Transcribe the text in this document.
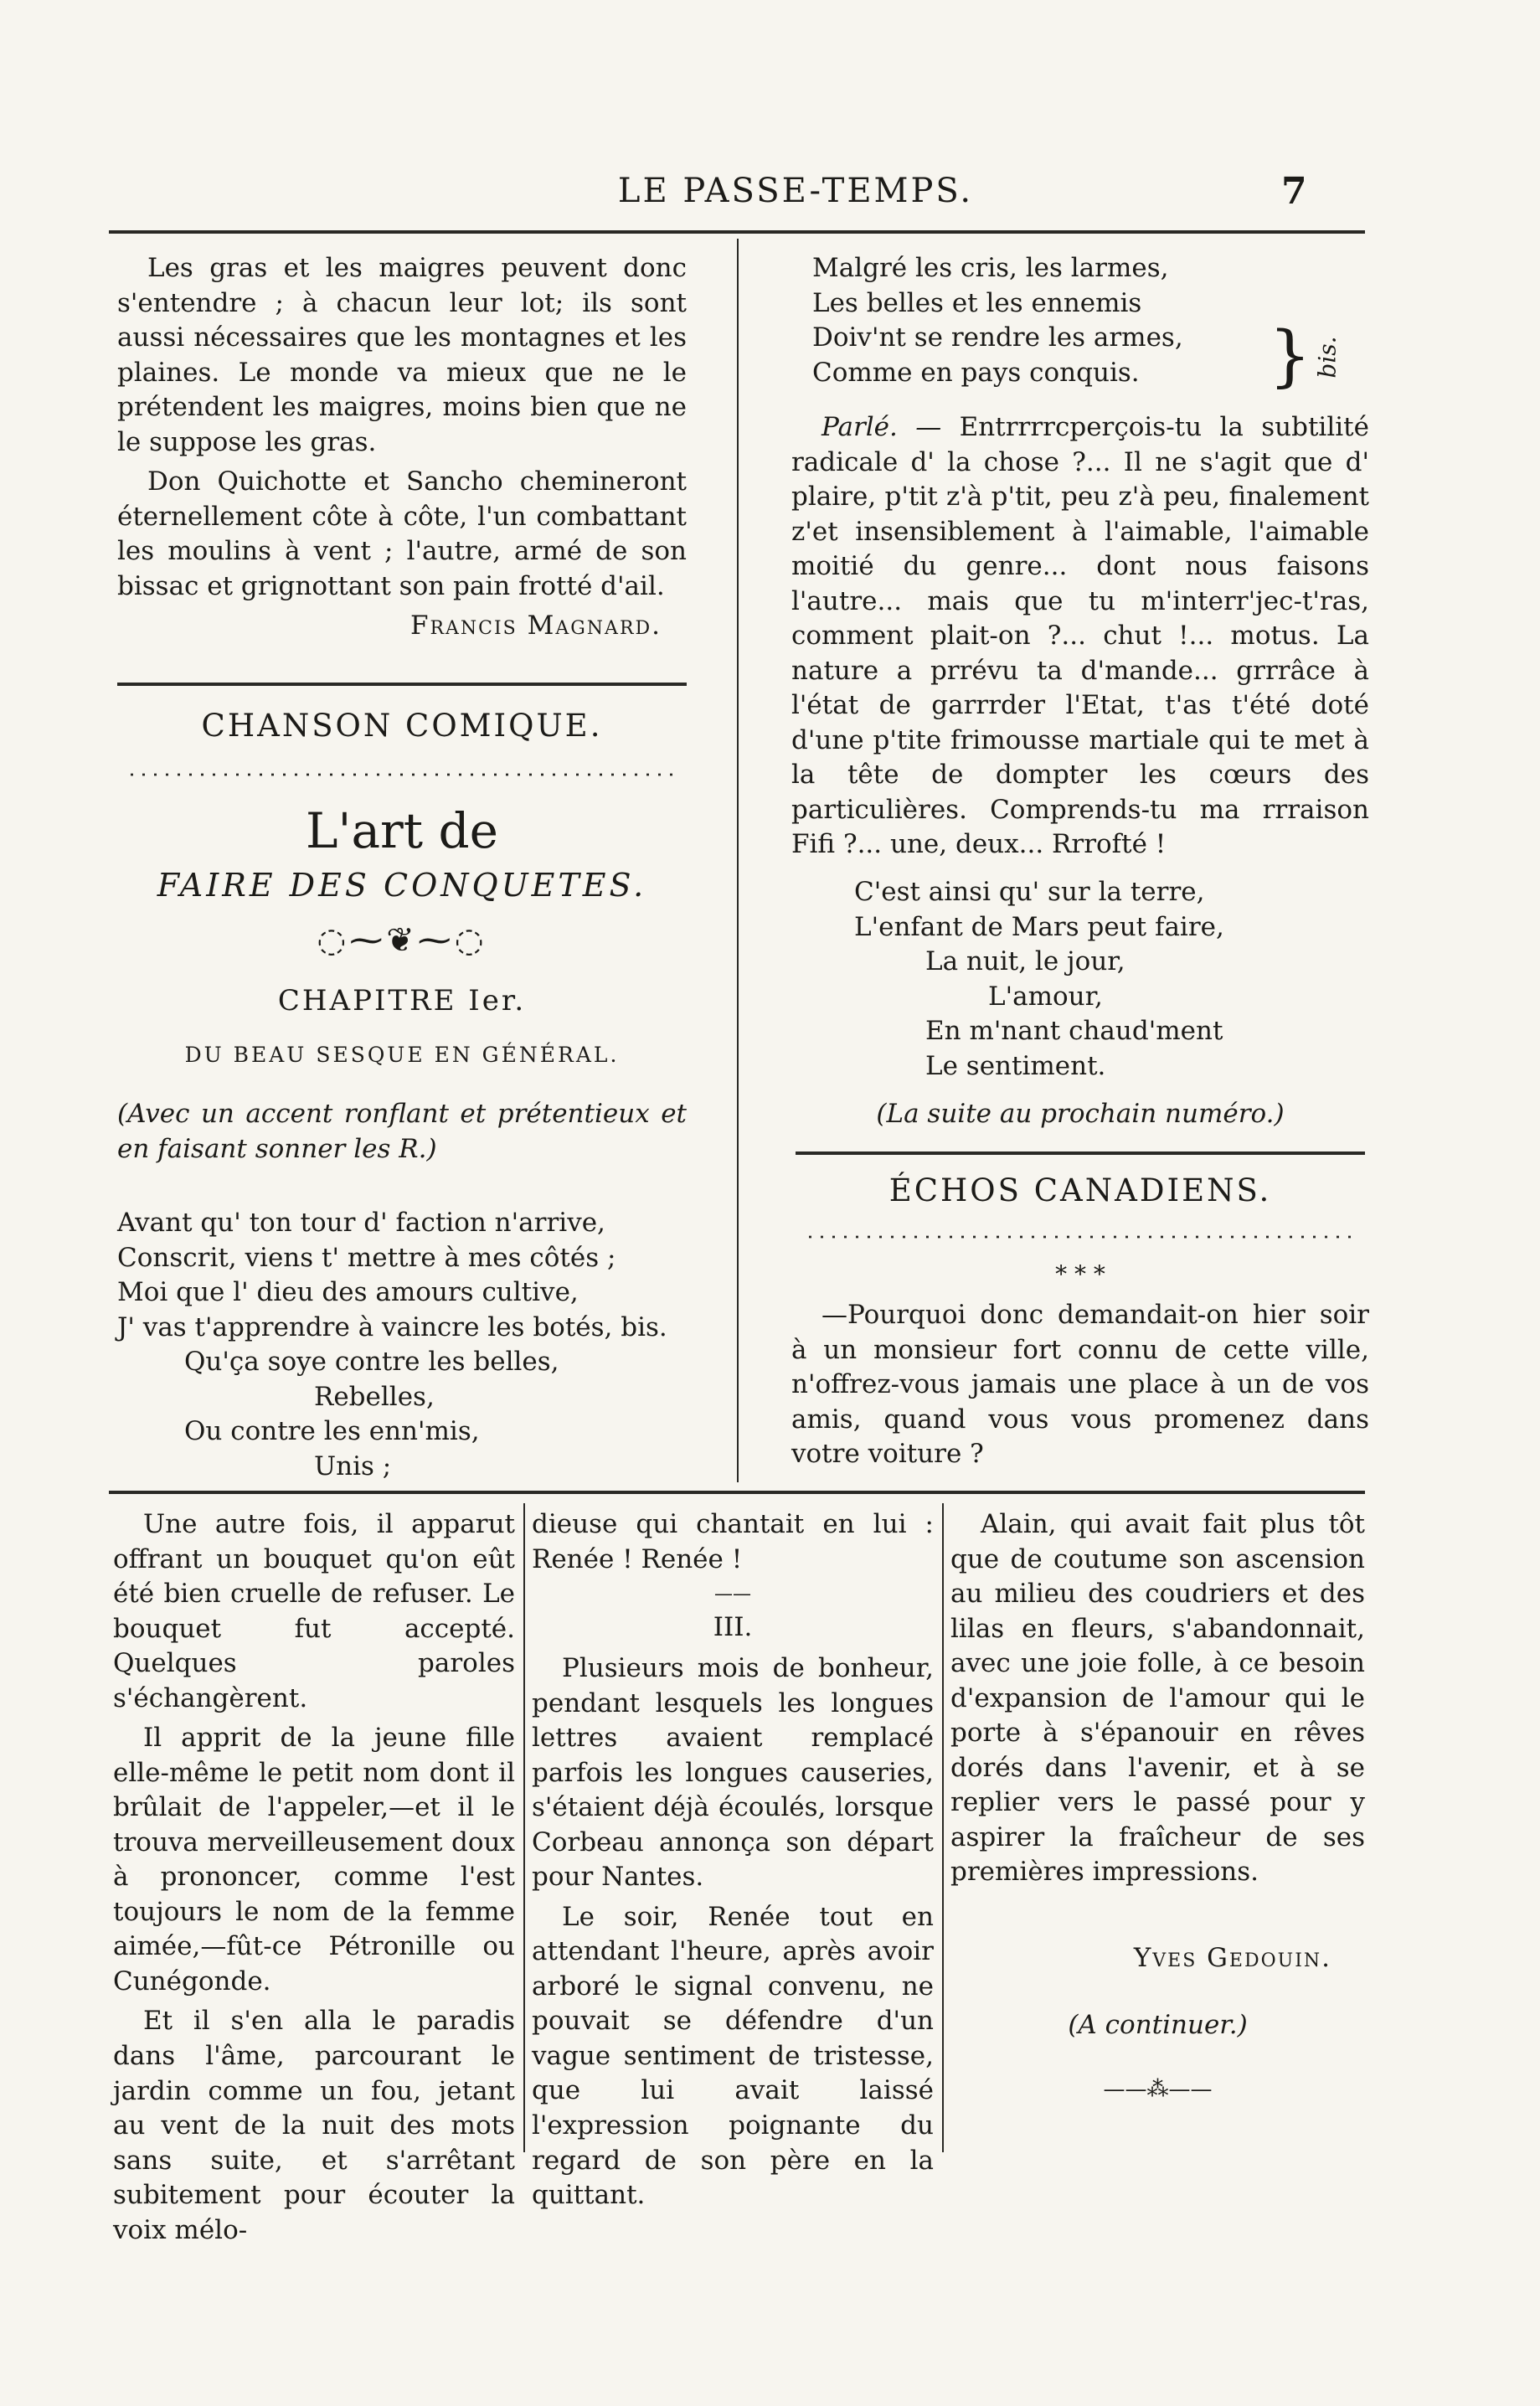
LE PASSE-TEMPS.	7

Les gras et les maigres peuvent donc s'entendre ; à chacun leur lot; ils sont aussi nécessaires que les montagnes et les plaines. Le monde va mieux que ne le prétendent les maigres, moins bien que ne le suppose les gras.

Don Quichotte et Sancho chemineront éternellement côte à côte, l'un combattant les moulins à vent ; l'autre, armé de son bissac et grignottant son pain frotté d'ail.

Francis Magnard.
CHANSON COMIQUE.
L'art de
FAIRE DES CONQUETES.
◌⁓❦⁓◌
CHAPITRE Ier.
DU BEAU SESQUE EN GÉNÉRAL.

(Avec un accent ronflant et prétentieux et en faisant sonner les R.)

Avant qu' ton tour d' faction n'arrive,
Conscrit, viens t' mettre à mes côtés ;
Moi que l' dieu des amours cultive,
J' vas t'apprendre à vaincre les botés, bis.
Qu'ça soye contre les belles,
Rebelles,
Ou contre les enn'mis,
Unis ;
Malgré les cris, les larmes,
Les belles et les ennemis
Doiv'nt se rendre les armes,
Comme en pays conquis.	} bis.

Parlé. — Entrrrrcperçois-tu la subtilité radicale d' la chose ?... Il ne s'agit que d' plaire, p'tit z'à p'tit, peu z'à peu, finalement z'et insensiblement à l'aimable, l'aimable moitié du genre... dont nous faisons l'autre... mais que tu m'interr'jec-t'ras, comment plait-on ?... chut !... motus. La nature a prrévu ta d'mande... grrrâce à l'état de garrrder l'Etat, t'as t'été doté d'une p'tite frimousse martiale qui te met à la tête de dompter les cœurs des particulières. Comprends-tu ma rrraison Fifi ?... une, deux... Rrrofté !

C'est ainsi qu' sur la terre,
L'enfant de Mars peut faire,
La nuit, le jour,
L'amour,
En m'nant chaud'ment
Le sentiment.
(La suite au prochain numéro.)
ÉCHOS CANADIENS.
* * *

—Pourquoi donc demandait-on hier soir à un monsieur fort connu de cette ville, n'offrez-vous jamais une place à un de vos amis, quand vous vous promenez dans votre voiture ?

Une autre fois, il apparut offrant un bouquet qu'on eût été bien cruelle de refuser. Le bouquet fut accepté. Quelques paroles s'échangèrent.

Il apprit de la jeune fille elle-même le petit nom dont il brûlait de l'appeler,—et il le trouva merveilleusement doux à prononcer, comme l'est toujours le nom de la femme aimée,—fût-ce Pétronille ou Cunégonde.

Et il s'en alla le paradis dans l'âme, parcourant le jardin comme un fou, jetant au vent de la nuit des mots sans suite, et s'arrêtant subitement pour écouter la voix mélo-

dieuse qui chantait en lui : Renée ! Renée !

——
III.

Plusieurs mois de bonheur, pendant lesquels les longues lettres avaient remplacé parfois les longues causeries, s'étaient déjà écoulés, lorsque Corbeau annonça son départ pour Nantes.

Le soir, Renée tout en attendant l'heure, après avoir arboré le signal convenu, ne pouvait se défendre d'un vague sentiment de tristesse, que lui avait laissé l'expression poignante du regard de son père en la quittant.

Alain, qui avait fait plus tôt que de coutume son ascension au milieu des coudriers et des lilas en fleurs, s'abandonnait, avec une joie folle, à ce besoin d'expansion de l'amour qui le porte à s'épanouir en rêves dorés dans l'avenir, et à se replier vers le passé pour y aspirer la fraîcheur de ses premières impressions.

Yves Gedouin.
(A continuer.)
——⁂——
